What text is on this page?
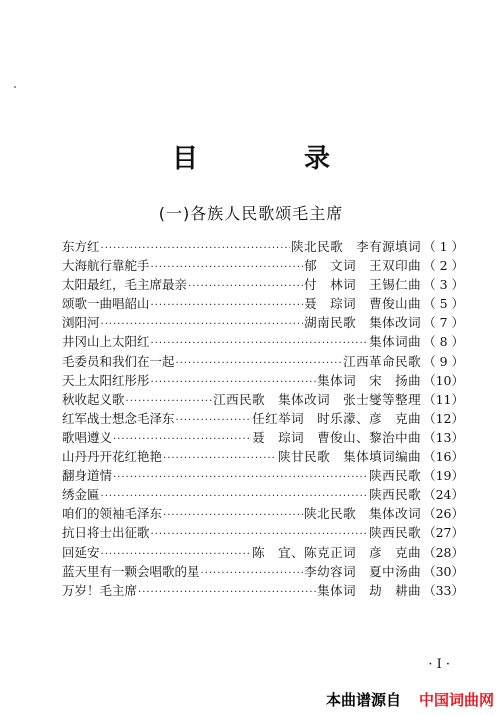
目　录
(一)各族人民歌颂毛主席
东方红 ·····	陕北民歌　李有源填词 （ 1 ）
大海航行靠舵手 ·····	郁　文词　王双印曲 （ 2 ）
太阳最红，毛主席最亲 ·····	付　林词　王锡仁曲 （ 3 ）
颂歌一曲唱韶山 ·····	聂　琮词　曹俊山曲 （ 5 ）
浏阳河 ·····	湖南民歌　集体改词 （ 7 ）
井冈山上太阳红 ·····	集体词曲 （ 8 ）
毛委员和我们在一起 ·····	江西革命民歌 （ 9 ）
天上太阳红彤彤 ·····	集体词　宋　扬曲 （10）
秋收起义歌 ·····	江西民歌　集体改词　张士燮等整理 （11）
红军战士想念毛泽东 ·····	任红举词　时乐濛、彦　克曲 （12）
歌唱遵义 ·····	聂　琮词　曹俊山、黎治中曲 （13）
山丹丹开花红艳艳 ·····	陕甘民歌　集体填词编曲 （16）
翻身道情 ·····	陕西民歌 （19）
绣金匾 ·····	陕西民歌 （24）
咱们的领袖毛泽东 ·····	陕北民歌　集体改词 （26）
抗日将士出征歌 ·····	陕西民歌 （27）
回延安 ·····	陈　宜、陈克正词　彦　克曲 （28）
蓝天里有一颗会唱歌的星 ·····	李幼容词　夏中汤曲 （30）
万岁！毛主席 ·····	集体词　劫　耕曲 （33）
· I ·
本曲谱源自 中国词曲网
